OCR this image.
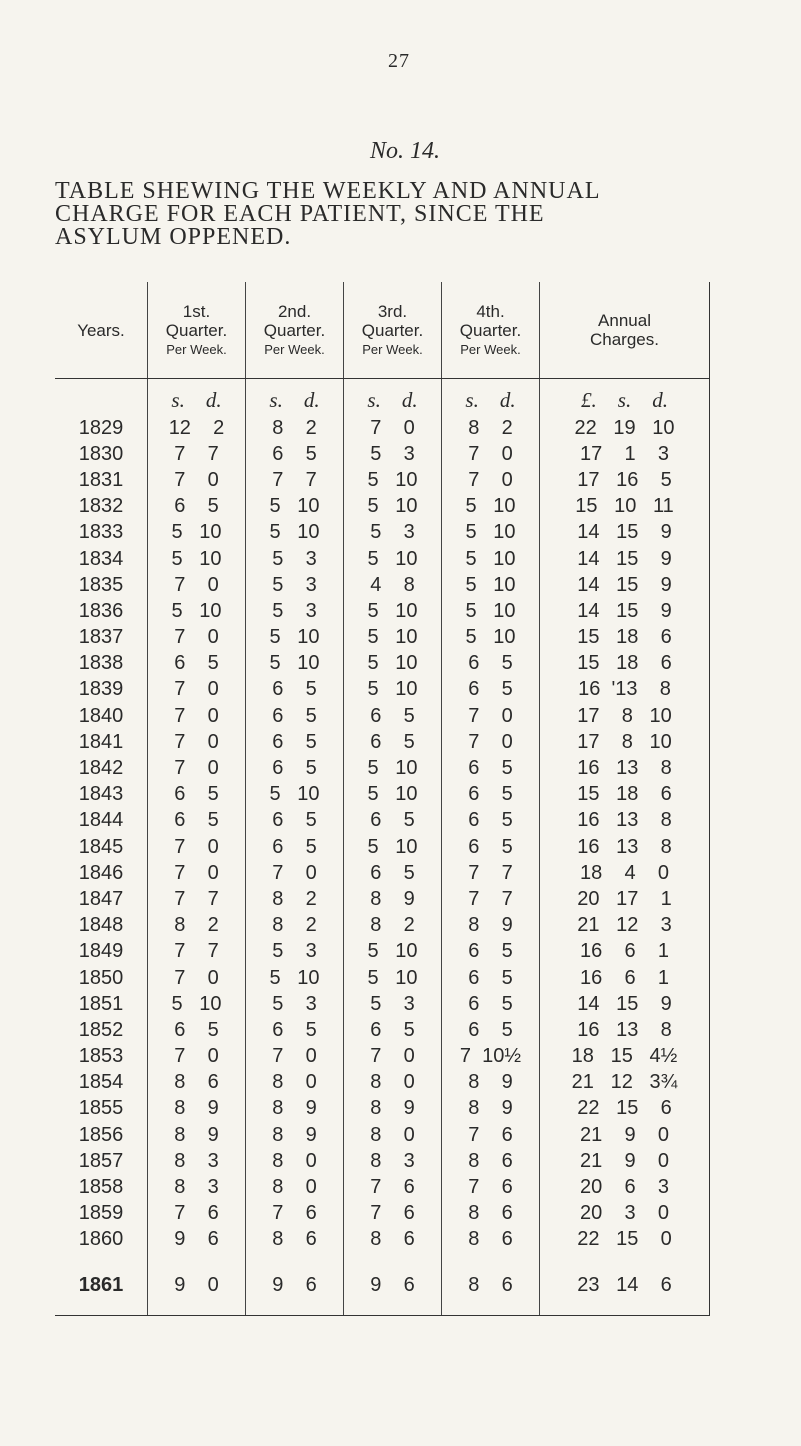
27
No. 14.
TABLE SHEWING THE WEEKLY AND ANNUAL
CHARGE FOR EACH PATIENT, SINCE THE
ASYLUM OPPENED.
Years.	1st.
Quarter.
Per Week.	2nd.
Quarter.
Per Week.	3rd.
Quarter.
Per Week.	4th.
Quarter.
Per Week.	Annual
Charges.

	s.    d.	s.    d.	s.    d.	s.    d.	£.    s.    d.
1829	12    2	8    2	7    0	8    2	22   19   10
1830	7    7	6    5	5    3	7    0	17    1    3
1831	7    0	7    7	5   10	7    0	17   16    5
1832	6    5	5   10	5   10	5   10	15   10   11
1833	5   10	5   10	5    3	5   10	14   15    9
1834	5   10	5    3	5   10	5   10	14   15    9
1835	7    0	5    3	4    8	5   10	14   15    9
1836	5   10	5    3	5   10	5   10	14   15    9
1837	7    0	5   10	5   10	5   10	15   18    6
1838	6    5	5   10	5   10	6    5	15   18    6
1839	7    0	6    5	5   10	6    5	16  '13    8
1840	7    0	6    5	6    5	7    0	17    8   10
1841	7    0	6    5	6    5	7    0	17    8   10
1842	7    0	6    5	5   10	6    5	16   13    8
1843	6    5	5   10	5   10	6    5	15   18    6
1844	6    5	6    5	6    5	6    5	16   13    8
1845	7    0	6    5	5   10	6    5	16   13    8
1846	7    0	7    0	6    5	7    7	18    4    0
1847	7    7	8    2	8    9	7    7	20   17    1
1848	8    2	8    2	8    2	8    9	21   12    3
1849	7    7	5    3	5   10	6    5	16    6    1
1850	7    0	5   10	5   10	6    5	16    6    1
1851	5   10	5    3	5    3	6    5	14   15    9
1852	6    5	6    5	6    5	6    5	16   13    8
1853	7    0	7    0	7    0	7  10½	18   15   4½
1854	8    6	8    0	8    0	8    9	21   12   3¾
1855	8    9	8    9	8    9	8    9	22   15    6
1856	8    9	8    9	8    0	7    6	21    9    0
1857	8    3	8    0	8    3	8    6	21    9    0
1858	8    3	8    0	7    6	7    6	20    6    3
1859	7    6	7    6	7    6	8    6	20    3    0
1860	9    6	8    6	8    6	8    6	22   15    0
1861	9    0	9    6	9    6	8    6	23   14    6
